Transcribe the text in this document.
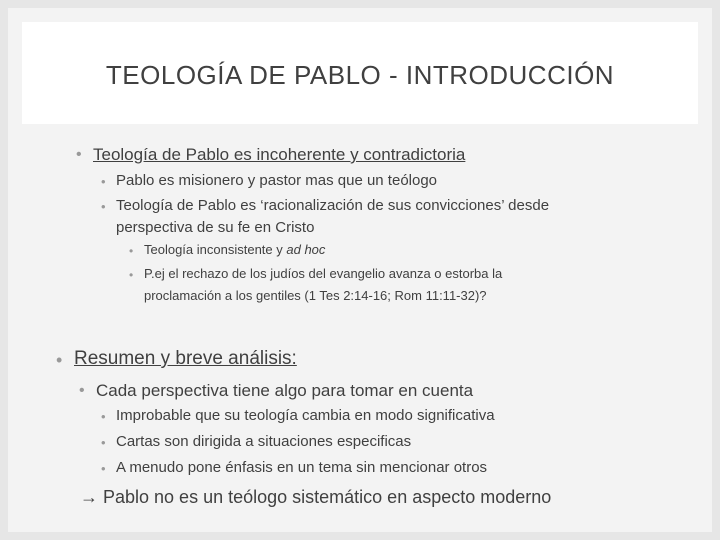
TEOLOGÍA DE PABLO - INTRODUCCIÓN
• Teología de Pablo es incoherente y contradictoria
• Pablo es misionero y pastor mas que un teólogo
• Teología de Pablo es ‘racionalización de sus convicciones’ desde
perspectiva de su fe en Cristo
• Teología inconsistente y ad hoc
• P.ej el rechazo de los judíos del evangelio avanza o estorba la
proclamación a los gentiles (1 Tes 2:14-16; Rom 11:11-32)?
• Resumen y breve análisis:
• Cada perspectiva tiene algo para tomar en cuenta
• Improbable que su teología cambia en modo significativa
• Cartas son dirigida a situaciones especificas
• A menudo pone énfasis en un tema sin mencionar otros
→ Pablo no es un teólogo sistemático en aspecto moderno
